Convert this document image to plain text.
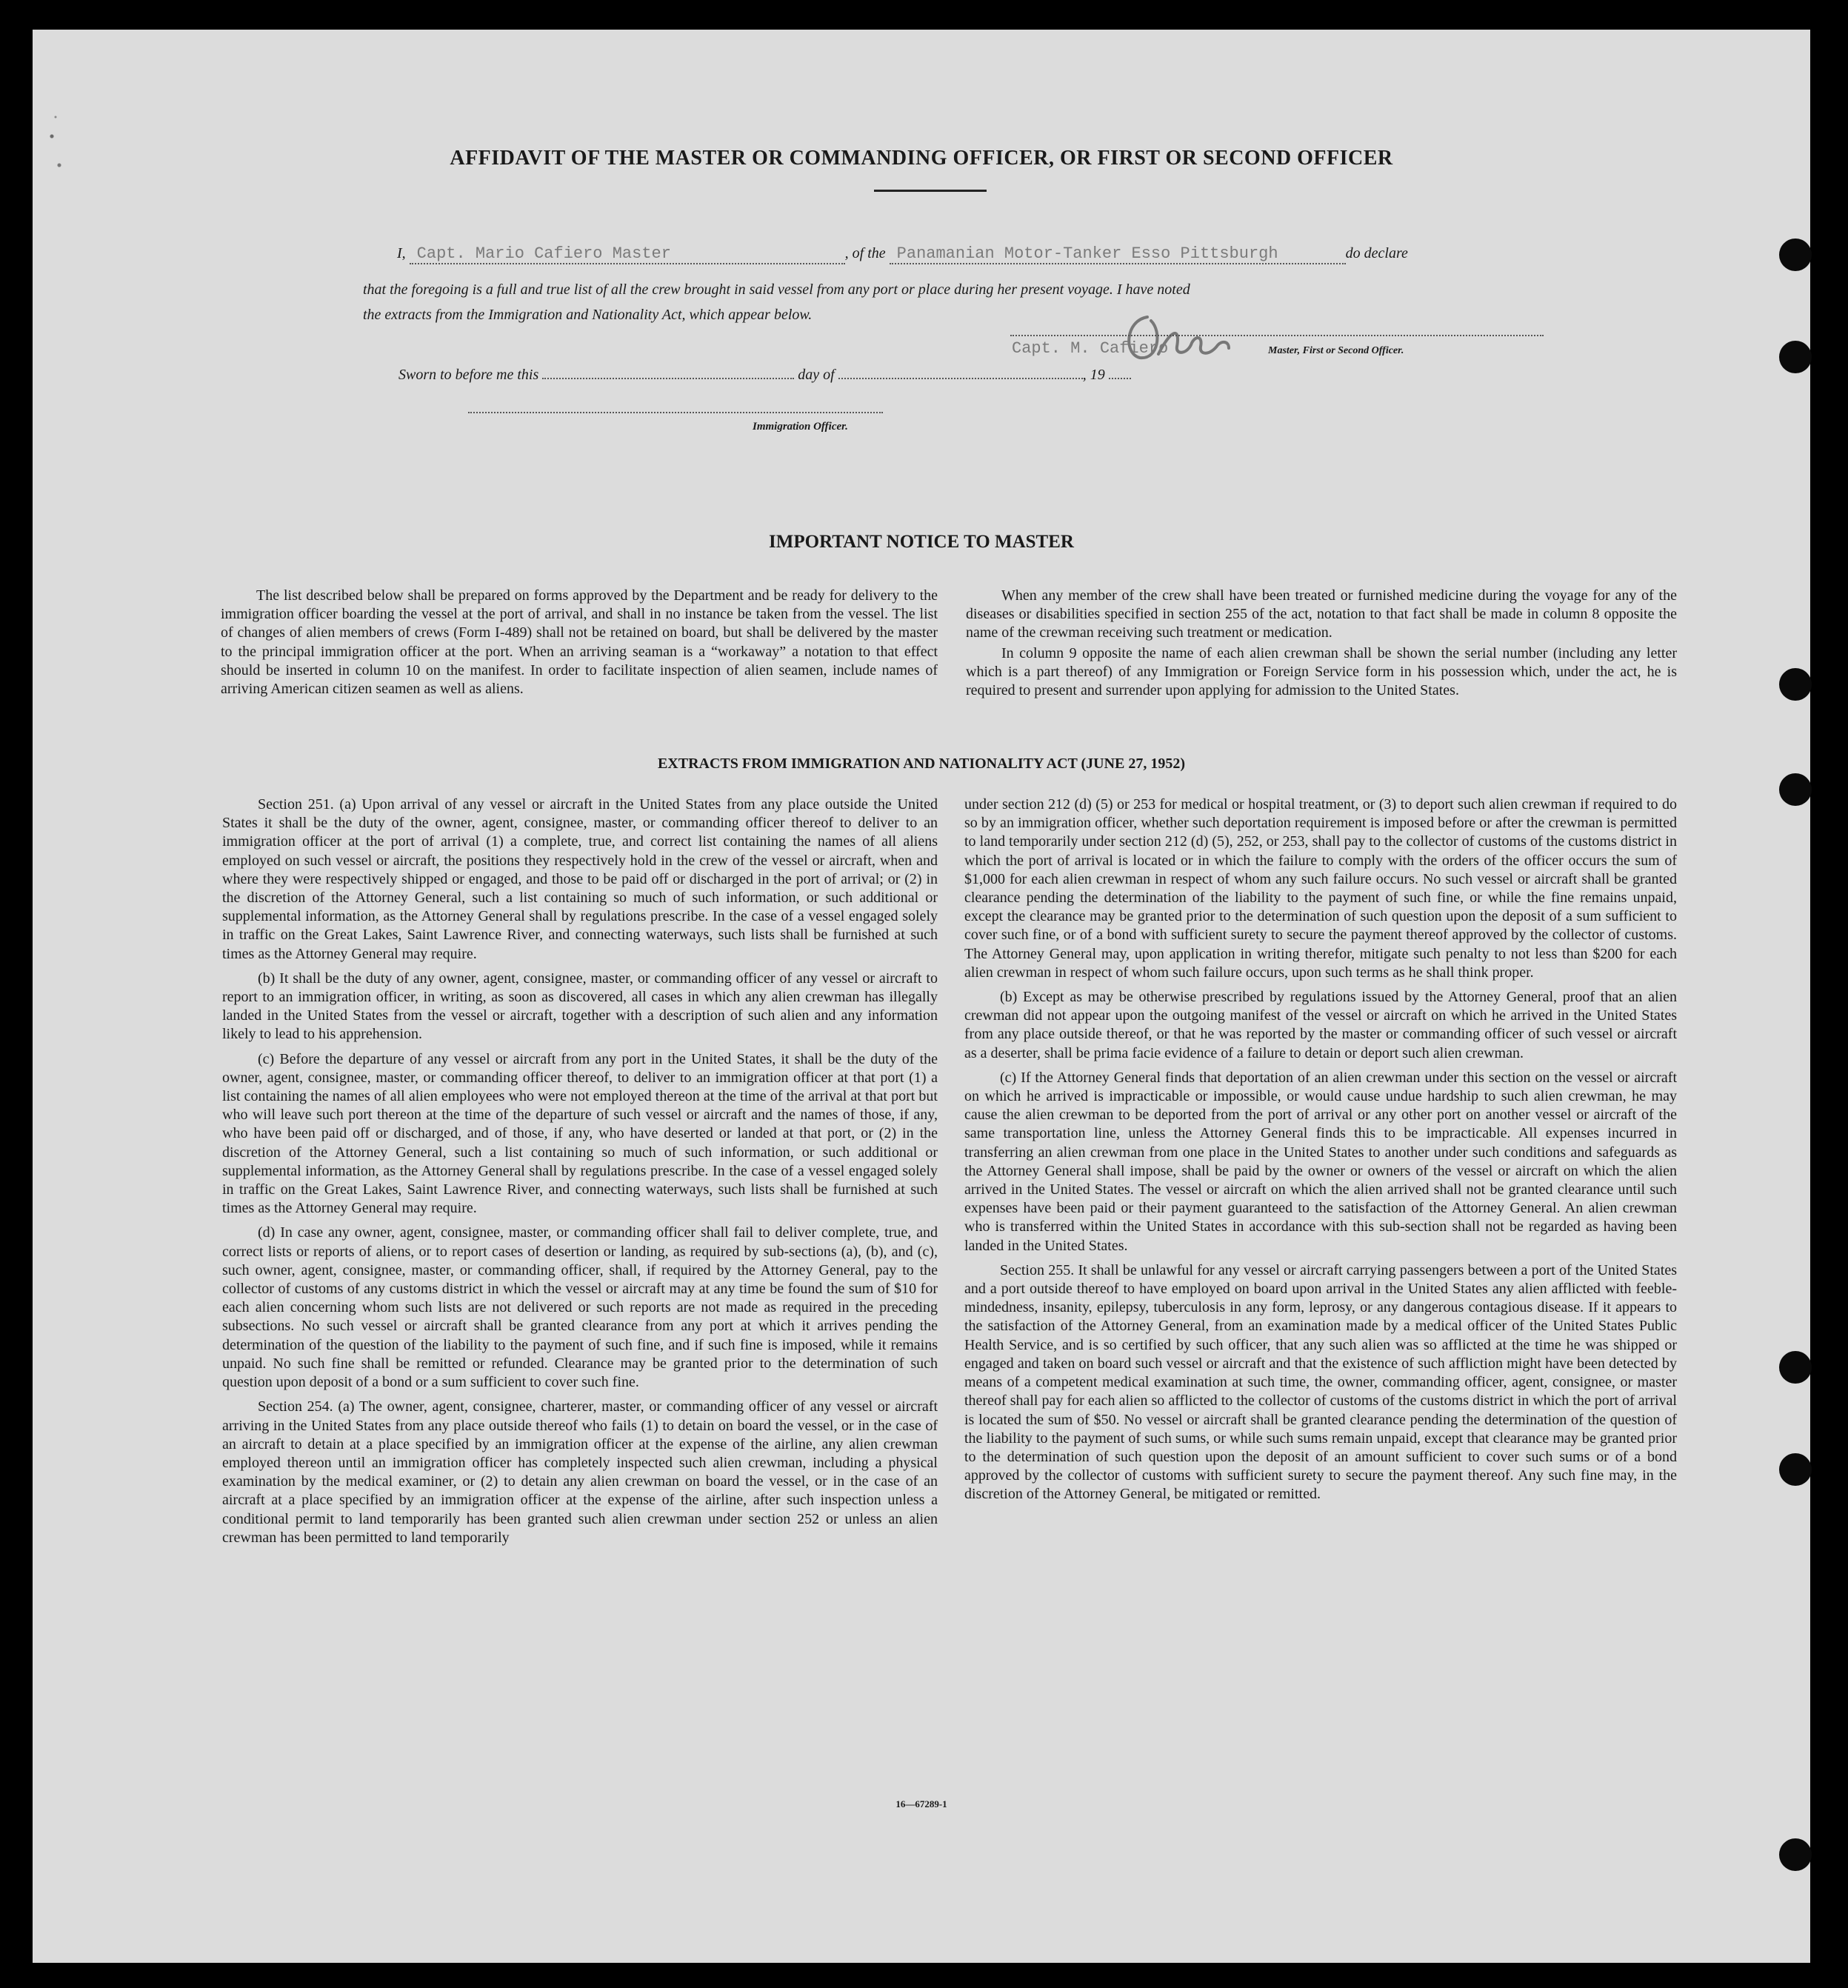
AFFIDAVIT OF THE MASTER OR COMMANDING OFFICER, OR FIRST OR SECOND OFFICER
I, Capt. Mario Cafiero Master	, of the Panamanian Motor-Tanker Esso Pittsburgh	do declare
that the foregoing is a full and true list of all the crew brought in said vessel from any port or place during her present voyage. I have noted
the extracts from the Immigration and Nationality Act, which appear below.
Capt. M. Cafiero	Master, First or Second Officer.
Sworn to before me this	day of	, 19
Immigration Officer.
IMPORTANT NOTICE TO MASTER

The list described below shall be prepared on forms approved by the Department and be ready for delivery to the immigration officer boarding the vessel at the port of arrival, and shall in no instance be taken from the vessel. The list of changes of alien members of crews (Form I-489) shall not be retained on board, but shall be delivered by the master to the principal immigration officer at the port. When an arriving seaman is a “workaway” a notation to that effect should be inserted in column 10 on the manifest. In order to facilitate inspection of alien seamen, include names of arriving American citizen seamen as well as aliens.

When any member of the crew shall have been treated or furnished medicine during the voyage for any of the diseases or disabilities specified in section 255 of the act, notation to that fact shall be made in column 8 opposite the name of the crewman receiving such treatment or medication.

In column 9 opposite the name of each alien crewman shall be shown the serial number (including any letter which is a part thereof) of any Immigration or Foreign Service form in his possession which, under the act, he is required to present and surrender upon applying for admission to the United States.

EXTRACTS FROM IMMIGRATION AND NATIONALITY ACT (JUNE 27, 1952)

Section 251. (a) Upon arrival of any vessel or aircraft in the United States from any place outside the United States it shall be the duty of the owner, agent, consignee, master, or commanding officer thereof to deliver to an immigration officer at the port of arrival (1) a complete, true, and correct list containing the names of all aliens employed on such vessel or aircraft, the positions they respectively hold in the crew of the vessel or aircraft, when and where they were respectively shipped or engaged, and those to be paid off or discharged in the port of arrival; or (2) in the discretion of the Attorney General, such a list containing so much of such information, or such additional or supplemental information, as the Attorney General shall by regulations prescribe. In the case of a vessel engaged solely in traffic on the Great Lakes, Saint Lawrence River, and connecting waterways, such lists shall be furnished at such times as the Attorney General may require.

(b) It shall be the duty of any owner, agent, consignee, master, or commanding officer of any vessel or aircraft to report to an immigration officer, in writing, as soon as discovered, all cases in which any alien crewman has illegally landed in the United States from the vessel or aircraft, together with a description of such alien and any information likely to lead to his apprehension.

(c) Before the departure of any vessel or aircraft from any port in the United States, it shall be the duty of the owner, agent, consignee, master, or commanding officer thereof, to deliver to an immigration officer at that port (1) a list containing the names of all alien employees who were not employed thereon at the time of the arrival at that port but who will leave such port thereon at the time of the departure of such vessel or aircraft and the names of those, if any, who have been paid off or discharged, and of those, if any, who have deserted or landed at that port, or (2) in the discretion of the Attorney General, such a list containing so much of such information, or such additional or supplemental information, as the Attorney General shall by regulations prescribe. In the case of a vessel engaged solely in traffic on the Great Lakes, Saint Lawrence River, and connecting waterways, such lists shall be furnished at such times as the Attorney General may require.

(d) In case any owner, agent, consignee, master, or commanding officer shall fail to deliver complete, true, and correct lists or reports of aliens, or to report cases of desertion or landing, as required by sub-sections (a), (b), and (c), such owner, agent, consignee, master, or commanding officer, shall, if required by the Attorney General, pay to the collector of customs of any customs district in which the vessel or aircraft may at any time be found the sum of $10 for each alien concerning whom such lists are not delivered or such reports are not made as required in the preceding subsections. No such vessel or aircraft shall be granted clearance from any port at which it arrives pending the determination of the question of the liability to the payment of such fine, and if such fine is imposed, while it remains unpaid. No such fine shall be remitted or refunded. Clearance may be granted prior to the determination of such question upon deposit of a bond or a sum sufficient to cover such fine.

Section 254. (a) The owner, agent, consignee, charterer, master, or commanding officer of any vessel or aircraft arriving in the United States from any place outside thereof who fails (1) to detain on board the vessel, or in the case of an aircraft to detain at a place specified by an immigration officer at the expense of the airline, any alien crewman employed thereon until an immigration officer has completely inspected such alien crewman, including a physical examination by the medical examiner, or (2) to detain any alien crewman on board the vessel, or in the case of an aircraft at a place specified by an immigration officer at the expense of the airline, after such inspection unless a conditional permit to land temporarily has been granted such alien crewman under section 252 or unless an alien crewman has been permitted to land temporarily

under section 212 (d) (5) or 253 for medical or hospital treatment, or (3) to deport such alien crewman if required to do so by an immigration officer, whether such deportation requirement is imposed before or after the crewman is permitted to land temporarily under section 212 (d) (5), 252, or 253, shall pay to the collector of customs of the customs district in which the port of arrival is located or in which the failure to comply with the orders of the officer occurs the sum of $1,000 for each alien crewman in respect of whom any such failure occurs. No such vessel or aircraft shall be granted clearance pending the determination of the liability to the payment of such fine, or while the fine remains unpaid, except the clearance may be granted prior to the determination of such question upon the deposit of a sum sufficient to cover such fine, or of a bond with sufficient surety to secure the payment thereof approved by the collector of customs. The Attorney General may, upon application in writing therefor, mitigate such penalty to not less than $200 for each alien crewman in respect of whom such failure occurs, upon such terms as he shall think proper.

(b) Except as may be otherwise prescribed by regulations issued by the Attorney General, proof that an alien crewman did not appear upon the outgoing manifest of the vessel or aircraft on which he arrived in the United States from any place outside thereof, or that he was reported by the master or commanding officer of such vessel or aircraft as a deserter, shall be prima facie evidence of a failure to detain or deport such alien crewman.

(c) If the Attorney General finds that deportation of an alien crewman under this section on the vessel or aircraft on which he arrived is impracticable or impossible, or would cause undue hardship to such alien crewman, he may cause the alien crewman to be deported from the port of arrival or any other port on another vessel or aircraft of the same transportation line, unless the Attorney General finds this to be impracticable. All expenses incurred in transferring an alien crewman from one place in the United States to another under such conditions and safeguards as the Attorney General shall impose, shall be paid by the owner or owners of the vessel or aircraft on which the alien arrived in the United States. The vessel or aircraft on which the alien arrived shall not be granted clearance until such expenses have been paid or their payment guaranteed to the satisfaction of the Attorney General. An alien crewman who is transferred within the United States in accordance with this sub-section shall not be regarded as having been landed in the United States.

Section 255. It shall be unlawful for any vessel or aircraft carrying passengers between a port of the United States and a port outside thereof to have employed on board upon arrival in the United States any alien afflicted with feeble-mindedness, insanity, epilepsy, tuberculosis in any form, leprosy, or any dangerous contagious disease. If it appears to the satisfaction of the Attorney General, from an examination made by a medical officer of the United States Public Health Service, and is so certified by such officer, that any such alien was so afflicted at the time he was shipped or engaged and taken on board such vessel or aircraft and that the existence of such affliction might have been detected by means of a competent medical examination at such time, the owner, commanding officer, agent, consignee, or master thereof shall pay for each alien so afflicted to the collector of customs of the customs district in which the port of arrival is located the sum of $50. No vessel or aircraft shall be granted clearance pending the determination of the question of the liability to the payment of such sums, or while such sums remain unpaid, except that clearance may be granted prior to the determination of such question upon the deposit of an amount sufficient to cover such sums or of a bond approved by the collector of customs with sufficient surety to secure the payment thereof. Any such fine may, in the discretion of the Attorney General, be mitigated or remitted.

16—67289-1
